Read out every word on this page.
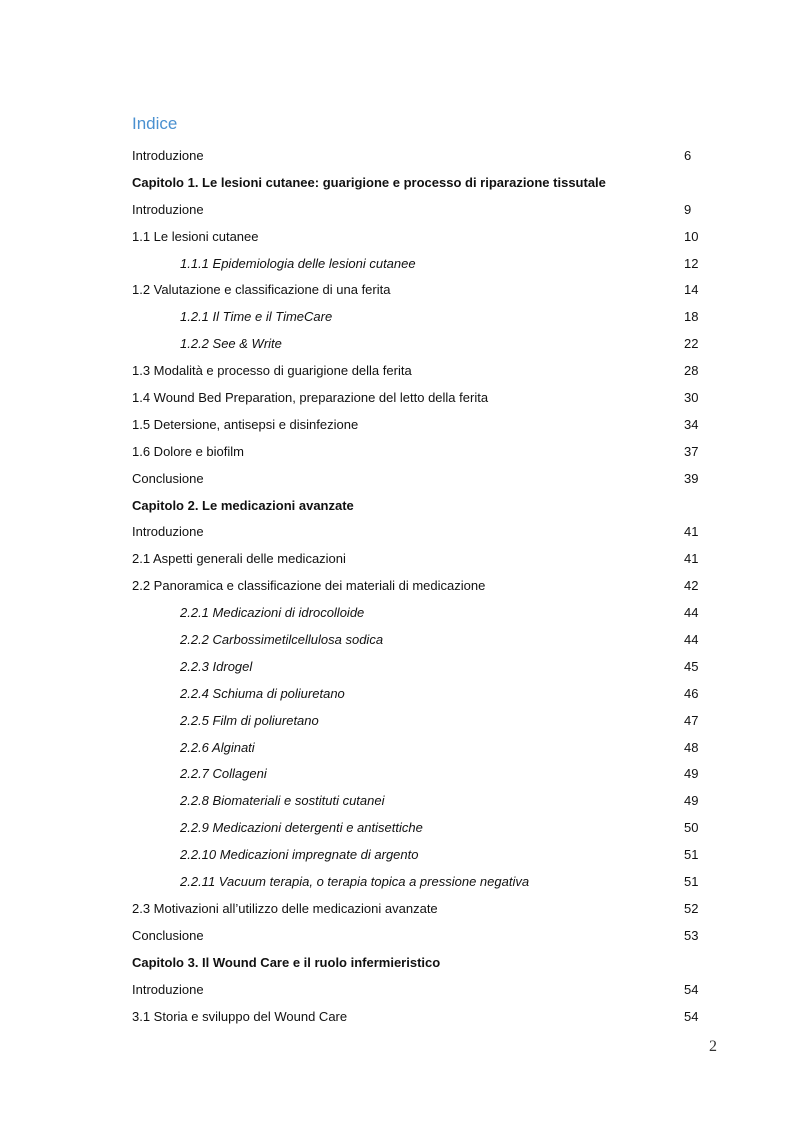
Indice
Introduzione	6
Capitolo 1. Le lesioni cutanee: guarigione e processo di riparazione tissutale
Introduzione	9
1.1 Le lesioni cutanee	10
1.1.1 Epidemiologia delle lesioni cutanee	12
1.2 Valutazione e classificazione di una ferita	14
1.2.1 Il Time e il TimeCare	18
1.2.2 See & Write	22
1.3 Modalità e processo di guarigione della ferita	28
1.4 Wound Bed Preparation, preparazione del letto della ferita	30
1.5 Detersione, antisepsi e disinfezione	34
1.6 Dolore e biofilm	37
Conclusione	39
Capitolo 2. Le medicazioni avanzate
Introduzione	41
2.1 Aspetti generali delle medicazioni	41
2.2 Panoramica e classificazione dei materiali di medicazione	42
2.2.1 Medicazioni di idrocolloide	44
2.2.2 Carbossimetilcellulosa sodica	44
2.2.3 Idrogel	45
2.2.4 Schiuma di poliuretano	46
2.2.5 Film di poliuretano	47
2.2.6 Alginati	48
2.2.7 Collageni	49
2.2.8 Biomateriali e sostituti cutanei	49
2.2.9 Medicazioni detergenti e antisettiche	50
2.2.10 Medicazioni impregnate di argento	51
2.2.11 Vacuum terapia, o terapia topica a pressione negativa	51
2.3 Motivazioni all’utilizzo delle medicazioni avanzate	52
Conclusione	53
Capitolo 3. Il Wound Care e il ruolo infermieristico
Introduzione	54
3.1 Storia e sviluppo del Wound Care	54
2
